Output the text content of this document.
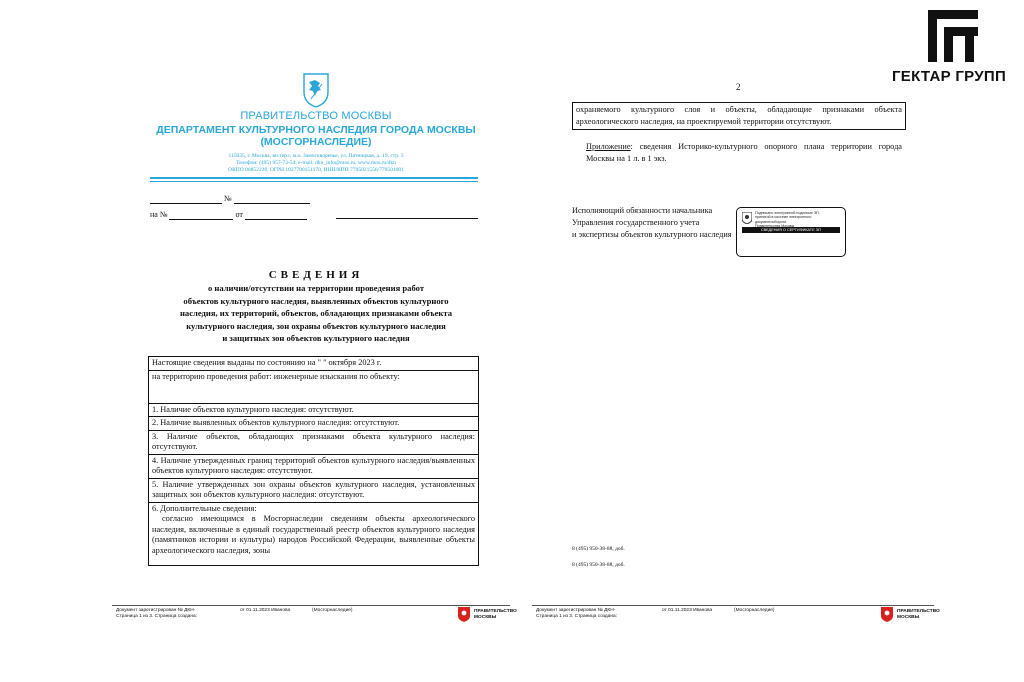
ГЕКТАР ГРУПП
ПРАВИТЕЛЬСТВО МОСКВЫ
ДЕПАРТАМЕНТ КУЛЬТУРНОГО НАСЛЕДИЯ ГОРОДА МОСКВЫ
(МОСГОРНАСЛЕДИЕ)
115035, г. Москва, вн.тер.г. м.о. Замоскворечье, ул. Пятницкая, д. 19, стр. 3
Телефон: (495) 957-73-54; e-mail: dkn_info@mos.ru; www.mos.ru/dkn
ОКПО 00852228, ОГРН 1027700151170, ИНН/КПП 7705021556/770501001
№
на №	от
СВЕДЕНИЯ
о наличии/отсутствии на территории проведения работ
объектов культурного наследия, выявленных объектов культурного
наследия, их территорий, объектов, обладающих признаками объекта
культурного наследия, зон охраны объектов культурного наследия
и защитных зон объектов культурного наследия
Настоящие сведения выданы по состоянию на " " октября 2023 г.
на территорию проведения работ: инженерные изыскания по объекту:
1. Наличие объектов культурного наследия: отсутствуют.
2. Наличие выявленных объектов культурного наследия: отсутствуют.
3. Наличие объектов, обладающих признаками объекта культурного наследия: отсутствуют.
4. Наличие утвержденных границ территорий объектов культурного наследия/выявленных объектов культурного наследия: отсутствуют.
5. Наличие утвержденных зон охраны объектов культурного наследия, установленных защитных зон объектов культурного наследия: отсутствуют.

6. Дополнительные сведения:
согласно имеющимся в Мосгорнаследии сведениям объекты археологического наследия, включенные в единый государственный реестр объектов культурного наследия (памятников истории и культуры) народов Российской Федерации, выявленные объекты археологического наследия, зоны
Документ зарегистрирован № ДКН-
Страница 1 из 3. Страница создана:
от 01.11.2023 Иванова	(Мосгорнаследие)	ПРАВИТЕЛЬСТВО
МОСКВЫ
2
охраняемого культурного слоя и объекты, обладающие признаками объекта археологического наследия, на проектируемой территории отсутствуют.
Приложение: сведения Историко-культурного опорного плана территории города Москвы на 1 л. в 1 экз.
Исполняющий обязанности начальника
Управления государственного учета
и экспертизы объектов культурного наследия
Подписано электронной подписью ЭП,
принятой в системе электронного документооборота
СВЕДЕНИЯ О СЕРТИФИКАТЕ ЭП
8 (495) 950-38-88, доб.
8 (495) 950-38-88, доб.
Документ зарегистрирован № ДКН-
Страница 1 из 3. Страница создана:
от 01.11.2023 Иванова	(Мосгорнаследие)	ПРАВИТЕЛЬСТВО
МОСКВЫ
